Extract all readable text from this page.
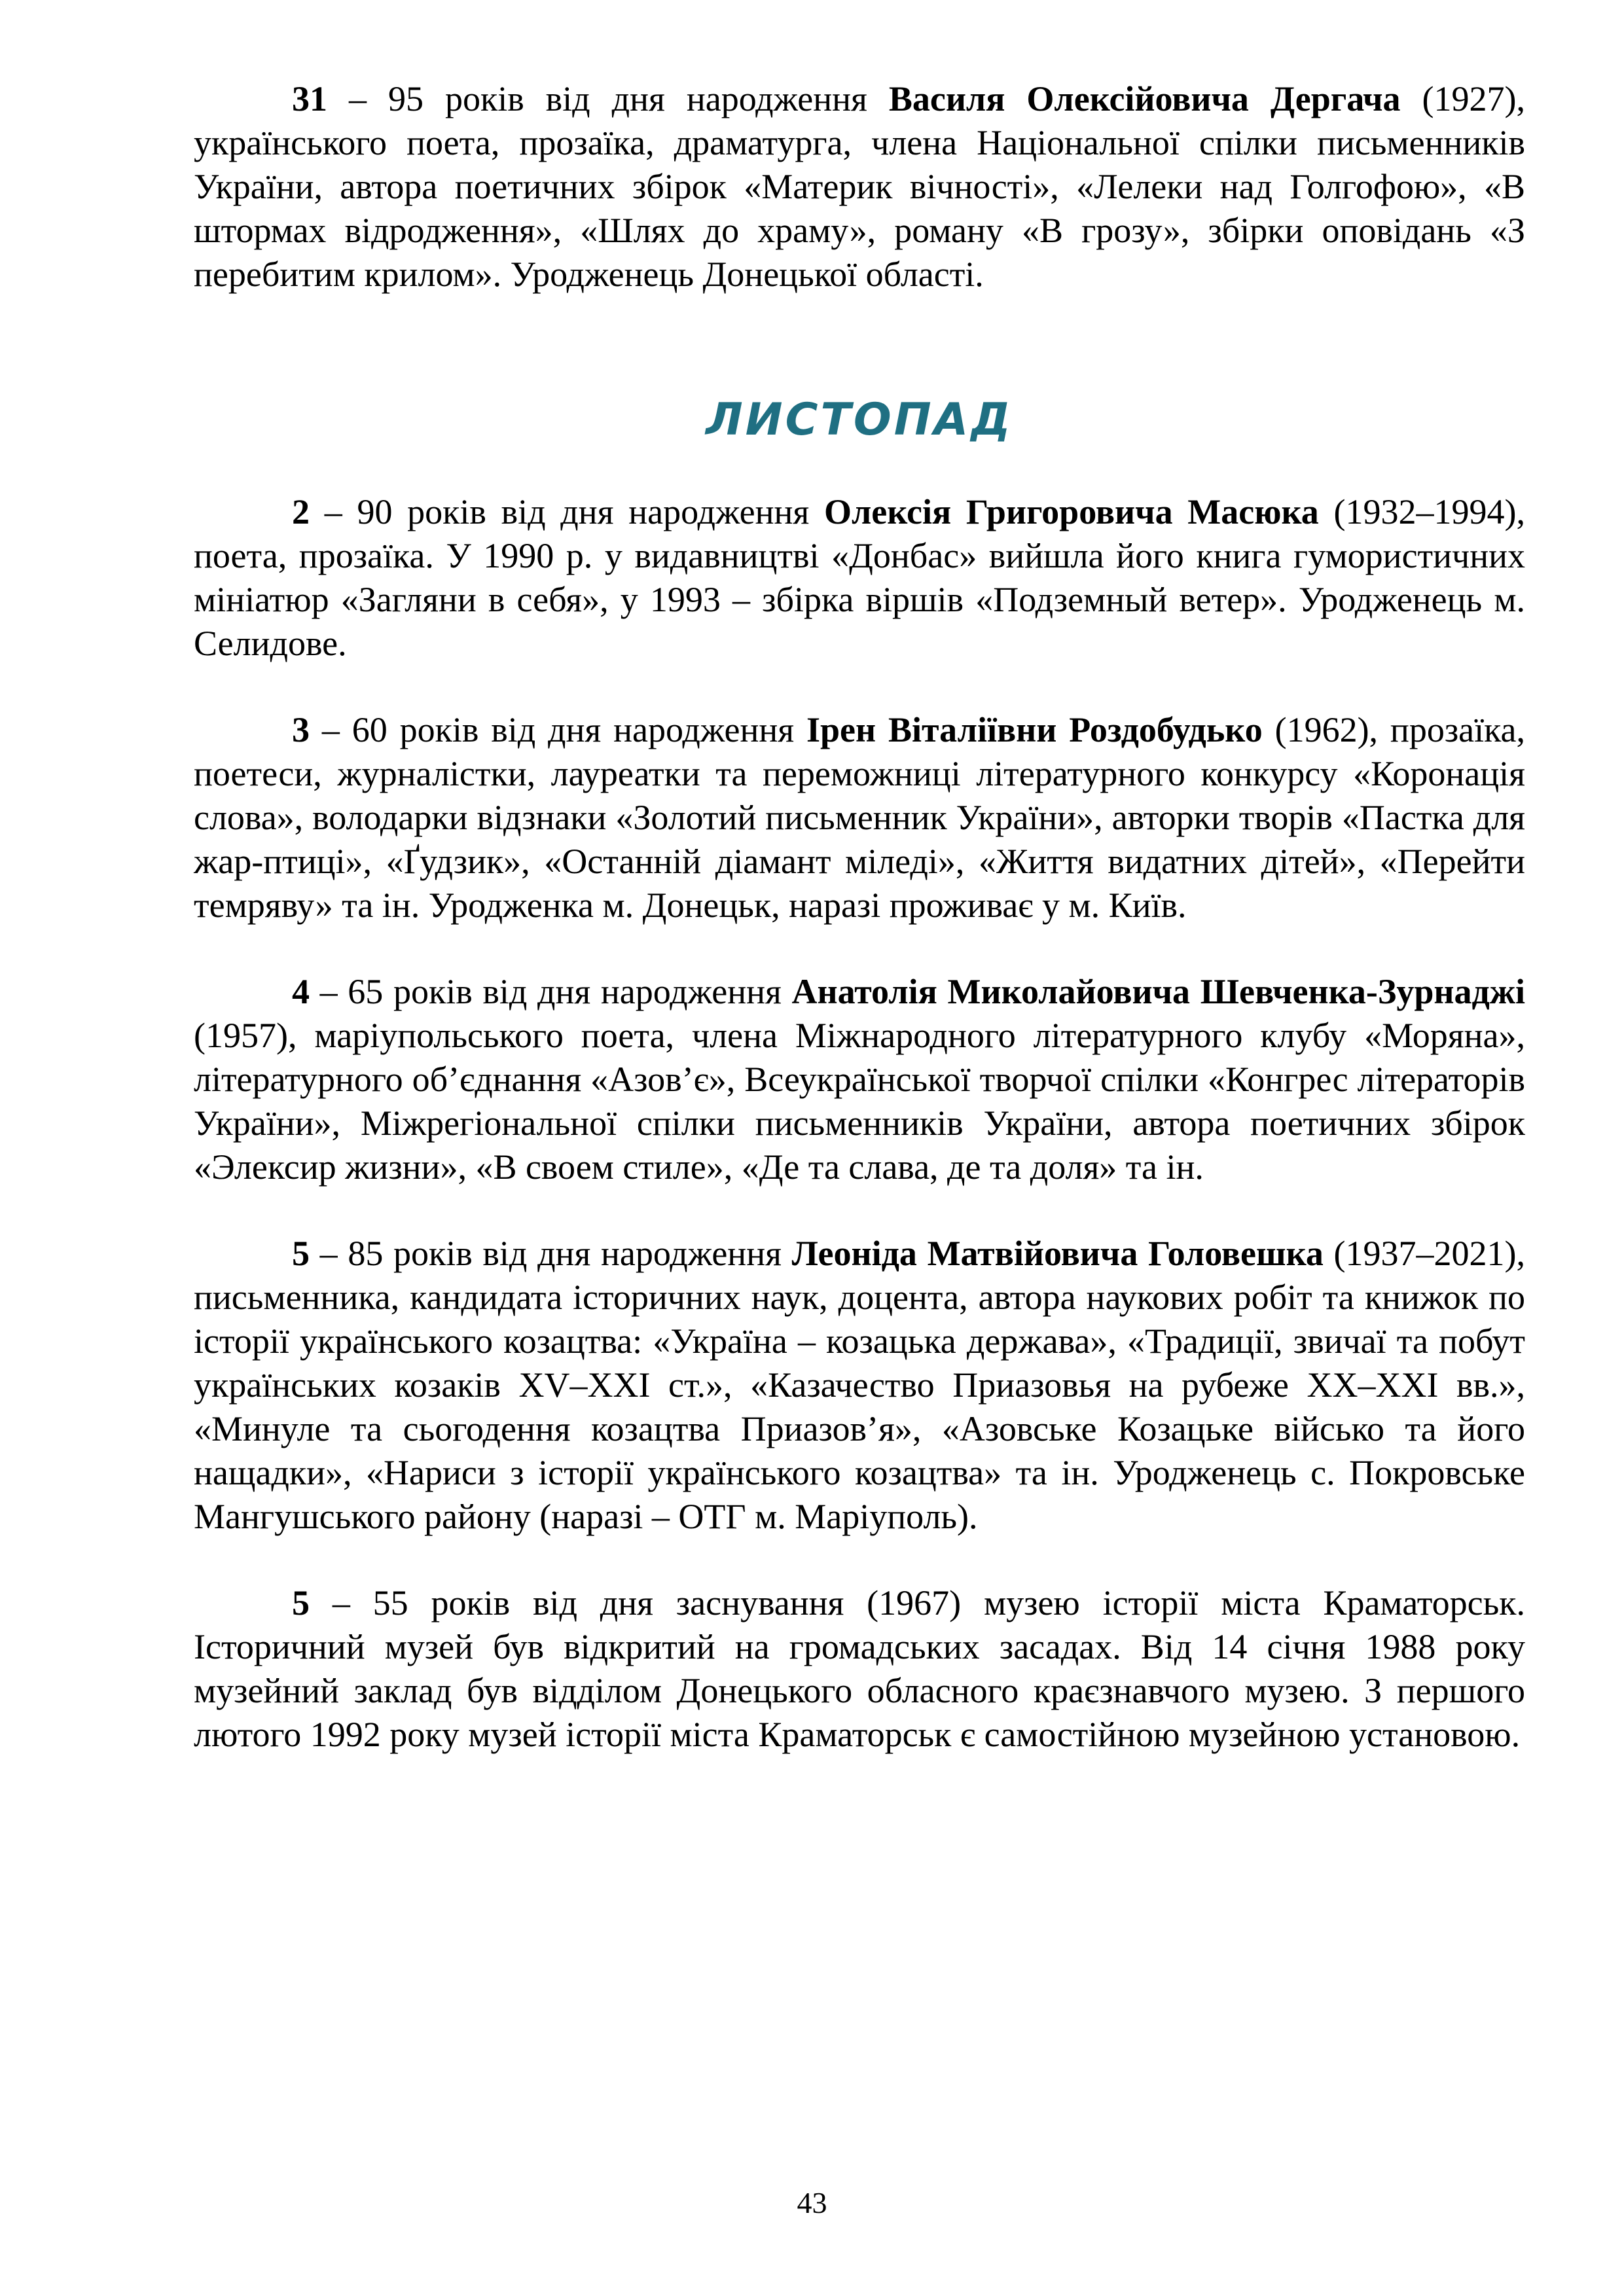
31 – 95 років від дня народження Василя Олексійовича Дергача (1927), українського поета, прозаїка, драматурга, члена Національної спілки письменників України, автора поетичних збірок «Материк вічності», «Лелеки над Голгофою», «В штормах відродження», «Шлях до храму», роману «В грозу», збірки оповідань «З перебитим крилом». Уродженець Донецької області.

ЛИСТОПАД

2 – 90 років від дня народження Олексія Григоровича Масюка (1932–1994), поета, прозаїка. У 1990 р. у видавництві «Донбас» вийшла його книга гумористичних мініатюр «Загляни в себя», у 1993 – збірка віршів «Подземный ветер». Уродженець м. Селидове.

3 – 60 років від дня народження Ірен Віталіївни Роздобудько (1962), прозаїка, поетеси, журналістки, лауреатки та переможниці літературного конкурсу «Коронація слова», володарки відзнаки «Золотий письменник України», авторки творів «Пастка для жар-птиці», «Ґудзик», «Останній діамант міледі», «Життя видатних дітей», «Перейти темряву» та ін. Уродженка м. Донецьк, наразі проживає у м. Київ.

4 – 65 років від дня народження Анатолія Миколайовича Шевченка-Зурнаджі (1957), маріупольського поета, члена Міжнародного літературного клубу «Моряна», літературного об’єднання «Азов’є», Всеукраїнської творчої спілки «Конгрес літераторів України», Міжрегіональної спілки письменників України, автора поетичних збірок «Элексир жизни», «В своем стиле», «Де та слава, де та доля» та ін.

5 – 85 років від дня народження Леоніда Матвійовича Головешка (1937–2021), письменника, кандидата історичних наук, доцента, автора наукових робіт та книжок по історії українського козацтва: «Україна – козацька держава», «Традиції, звичаї та побут українських козаків XV–XXI ст.», «Казачество Приазовья на рубеже XX–XXI вв.», «Минуле та сьогодення козацтва Приазов’я», «Азовське Козацьке військо та його нащадки», «Нариси з історії українського козацтва» та ін. Уродженець с. Покровське Мангушського району (наразі – ОТГ м. Маріуполь).

5 – 55 років від дня заснування (1967) музею історії міста Краматорськ. Історичний музей був відкритий на громадських засадах. Від 14 січня 1988 року музейний заклад був відділом Донецького обласного краєзнавчого музею. З першого лютого 1992 року музей історії міста Краматорськ є самостійною музейною установою.

43
